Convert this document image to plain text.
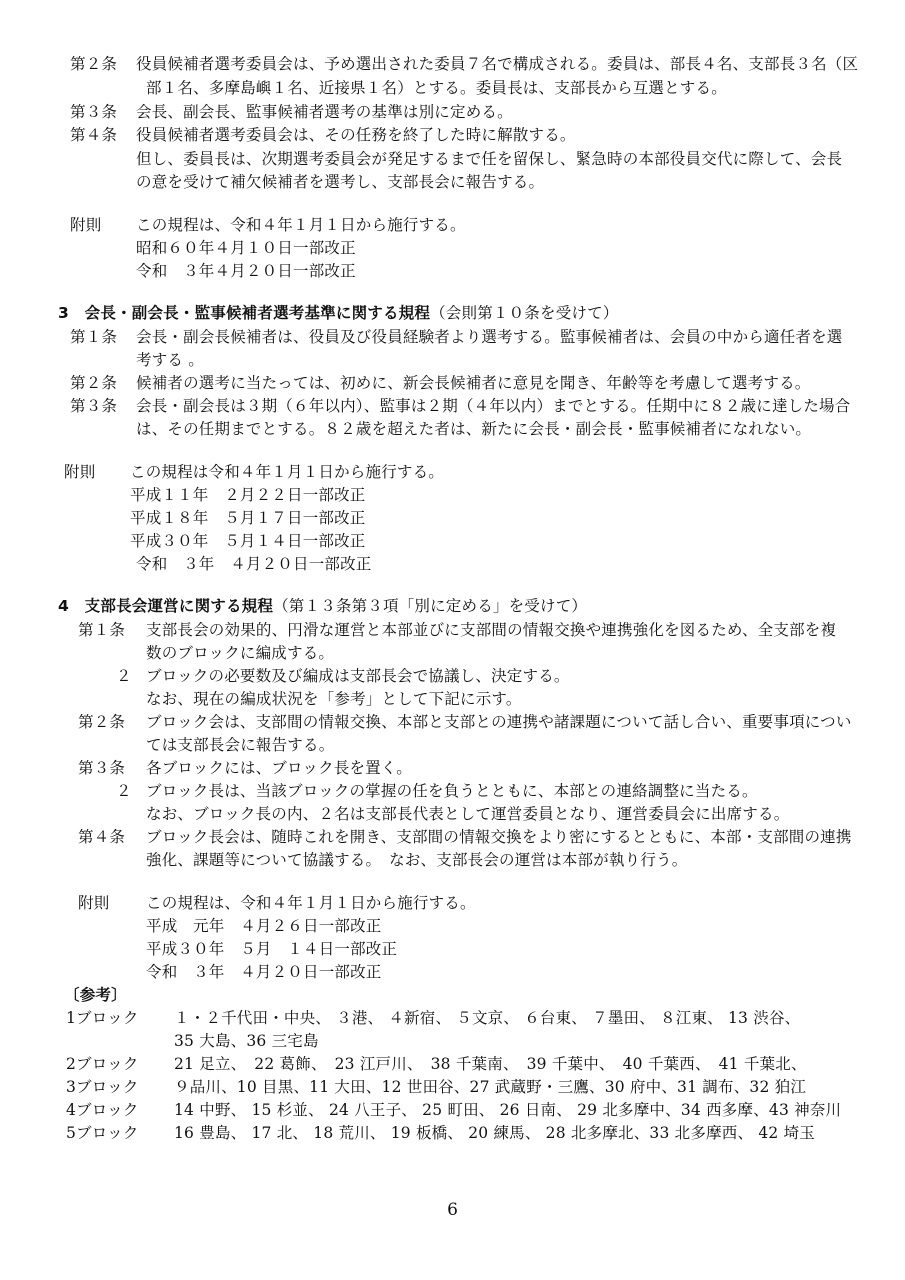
第２条 役員候補者選考委員会は、予め選出された委員７名で構成される。委員は、部長４名、支部長３名（区
部１名、多摩島嶼１名、近接県１名）とする。委員長は、支部長から互選とする。
第３条 会長、副会長、監事候補者選考の基準は別に定める。
第４条 役員候補者選考委員会は、その任務を終了した時に解散する。
但し、委員長は、次期選考委員会が発足するまで任を留保し、緊急時の本部役員交代に際して、会長
の意を受けて補欠候補者を選考し、支部長会に報告する。
附則 この規程は、令和４年１月１日から施行する。
昭和６０年４月１０日一部改正
令和　３年４月２０日一部改正
3　会長・副会長・監事候補者選考基準に関する規程（会則第１０条を受けて）
第１条 会長・副会長候補者は、役員及び役員経験者より選考する。監事候補者は、会員の中から適任者を選
考する 。
第２条 候補者の選考に当たっては、初めに、新会長候補者に意見を聞き、年齢等を考慮して選考する。
第３条 会長・副会長は３期（６年以内）、監事は２期（４年以内）までとする。任期中に８２歳に達した場合
は、その任期までとする。８２歳を超えた者は、新たに会長・副会長・監事候補者になれない。
附則 この規程は令和４年１月１日から施行する。
平成１１年　２月２２日一部改正
平成１８年　５月１７日一部改正
平成３０年　５月１４日一部改正
令和　３年　４月２０日一部改正
4　支部長会運営に関する規程（第１３条第３項「別に定める」を受けて）
第１条 支部長会の効果的、円滑な運営と本部並びに支部間の情報交換や連携強化を図るため、全支部を複
数のブロックに編成する。
２ ブロックの必要数及び編成は支部長会で協議し、決定する。
なお、現在の編成状況を「参考」として下記に示す。
第２条 ブロック会は、支部間の情報交換、本部と支部との連携や諸課題について話し合い、重要事項につい
ては支部長会に報告する。
第３条 各ブロックには、ブロック長を置く。
２ ブロック長は、当該ブロックの掌握の任を負うとともに、本部との連絡調整に当たる。
なお、ブロック長の内、２名は支部長代表として運営委員となり、運営委員会に出席する。
第４条 ブロック長会は、随時これを開き、支部間の情報交換をより密にするとともに、本部・支部間の連携
強化、課題等について協議する。　なお、支部長会の運営は本部が執り行う。
附則 この規程は、令和４年１月１日から施行する。
平成　元年　４月２６日一部改正
平成３０年　５月　１４日一部改正
令和　３年　４月２０日一部改正
〔参考〕
1ブロック １・２千代田・中央、 ３港、 ４新宿、 ５文京、 ６台東、 ７墨田、 ８江東、 13 渋谷、
35 大島、36 三宅島
2ブロック 21 足立、　22 葛飾、　23 江戸川、　38 千葉南、　39 千葉中、　40 千葉西、　41 千葉北、
3ブロック ９品川、10 目黒、11 大田、12 世田谷、27 武蔵野・三鷹、30 府中、31 調布、32 狛江
4ブロック 14 中野、 15 杉並、 24 八王子、 25 町田、 26 日南、 29 北多摩中、34 西多摩、43 神奈川
5ブロック 16 豊島、 17 北、 18 荒川、 19 板橋、 20 練馬、 28 北多摩北、33 北多摩西、 42 埼玉
6
